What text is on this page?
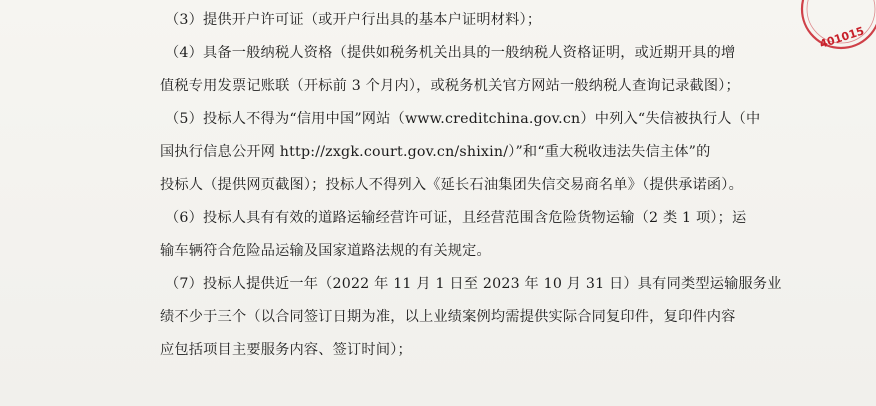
（3）提供开户许可证（或开户行出具的基本户证明材料）；
（4）具备一般纳税人资格（提供如税务机关出具的一般纳税人资格证明，或近期开具的增
值税专用发票记账联（开标前 3 个月内），或税务机关官方网站一般纳税人查询记录截图）；
（5）投标人不得为“信用中国”网站（www.creditchina.gov.cn）中列入“失信被执行人（中
国执行信息公开网 http://zxgk.court.gov.cn/shixin/）”和“重大税收违法失信主体”的
投标人（提供网页截图）；投标人不得列入《延长石油集团失信交易商名单》（提供承诺函）。
（6）投标人具有有效的道路运输经营许可证，且经营范围含危险货物运输（2 类 1 项）；运
输车辆符合危险品运输及国家道路法规的有关规定。
（7）投标人提供近一年（2022 年 11 月 1 日至 2023 年 10 月 31 日）具有同类型运输服务业
绩不少于三个（以合同签订日期为准，以上业绩案例均需提供实际合同复印件，复印件内容
应包括项目主要服务内容、签订时间）；
401015
